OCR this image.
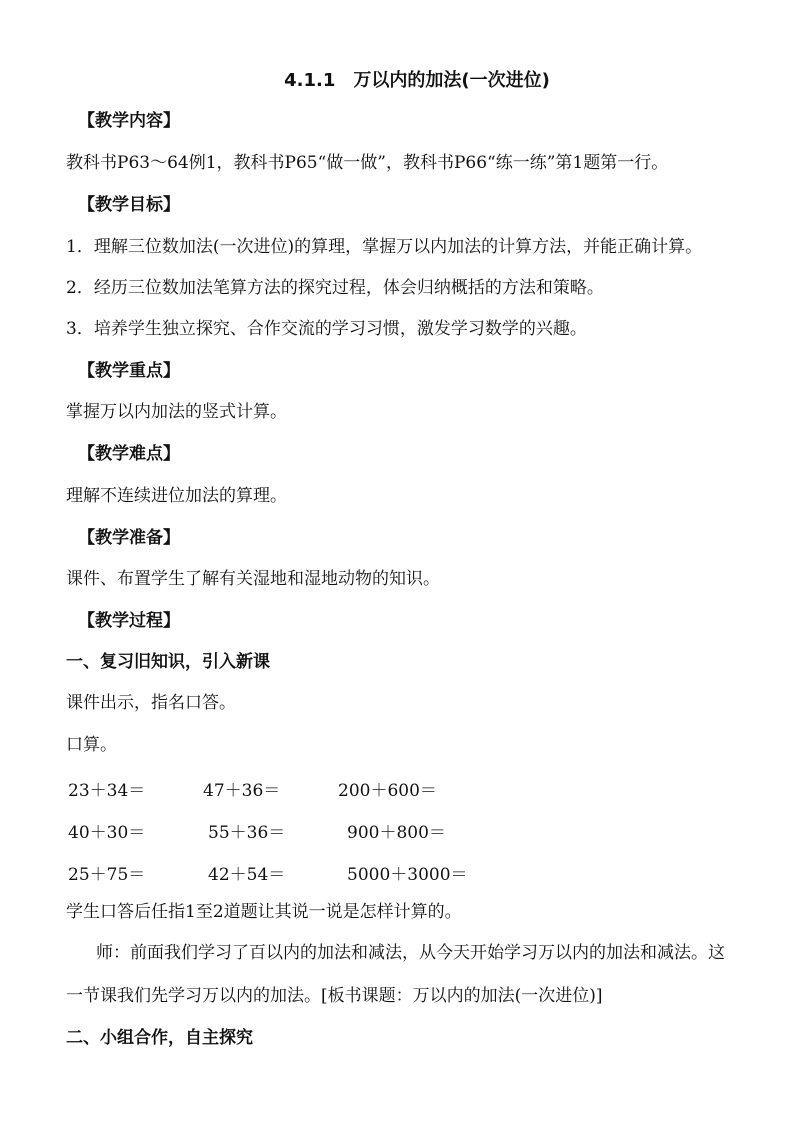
4.1.1　万以内的加法(一次进位)
【教学内容】
教科书P63～64例1，教科书P65“做一做”，教科书P66“练一练”第1题第一行。
【教学目标】
1．理解三位数加法(一次进位)的算理，掌握万以内加法的计算方法，并能正确计算。
2．经历三位数加法笔算方法的探究过程，体会归纳概括的方法和策略。
3．培养学生独立探究、合作交流的学习习惯，激发学习数学的兴趣。
【教学重点】
掌握万以内加法的竖式计算。
【教学难点】
理解不连续进位加法的算理。
【教学准备】
课件、布置学生了解有关湿地和湿地动物的知识。
【教学过程】
一、复习旧知识，引入新课
课件出示，指名口答。
口算。
23＋34＝	47＋36＝	200＋600＝
40＋30＝	55＋36＝	900＋800＝
25＋75＝	42＋54＝	5000＋3000＝
学生口答后任指1至2道题让其说一说是怎样计算的。
师：前面我们学习了百以内的加法和减法，从今天开始学习万以内的加法和减法。这
一节课我们先学习万以内的加法。[板书课题：万以内的加法(一次进位)]
二、小组合作，自主探究
